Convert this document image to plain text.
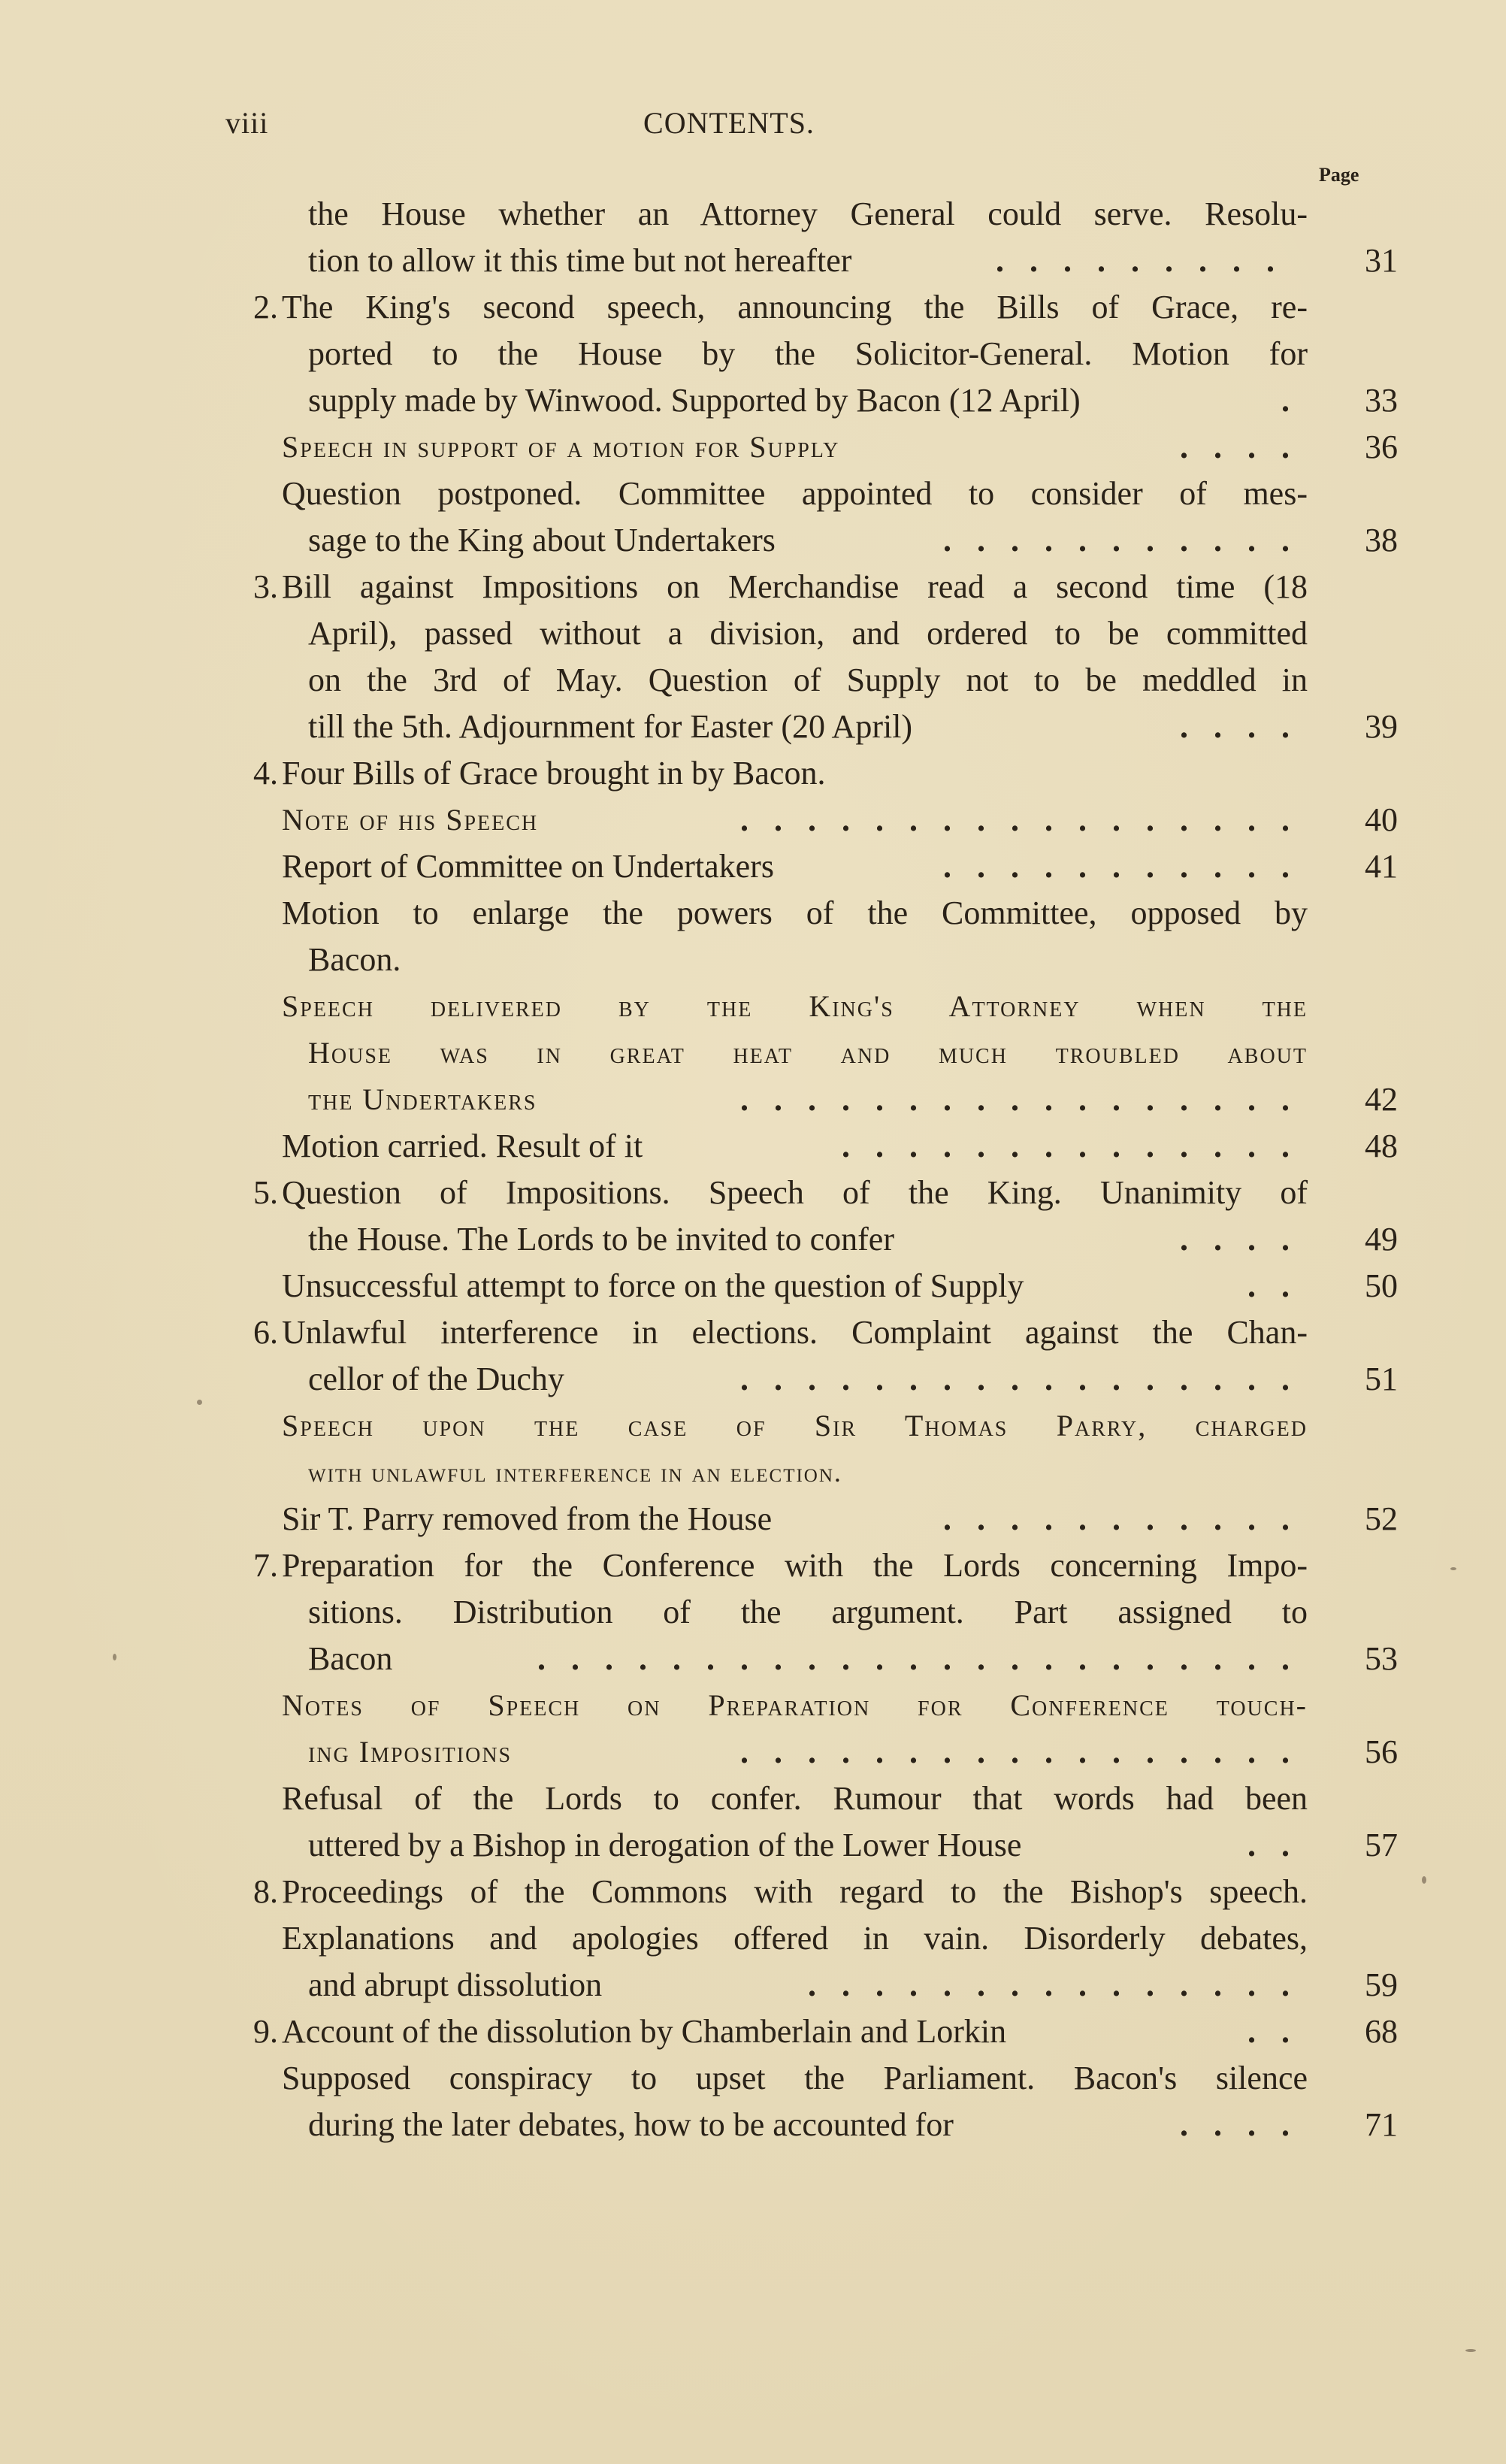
viii	CONTENTS.
Page
the House whether an Attorney General could serve. Resolu-
tion to allow it this time but not hereafter	.........	31
2. The King's second speech, announcing the Bills of Grace, re-
ported to the House by the Solicitor-General. Motion for
supply made by Winwood. Supported by Bacon (12 April)	.	33
Speech in support of a motion for Supply	....	36
Question postponed. Committee appointed to consider of mes-
sage to the King about Undertakers	...........	38
3. Bill against Impositions on Merchandise read a second time (18
April), passed without a division, and ordered to be committed
on the 3rd of May. Question of Supply not to be meddled in
till the 5th. Adjournment for Easter (20 April)	....	39
4. Four Bills of Grace brought in by Bacon.
Note of his Speech	.................	40
Report of Committee on Undertakers	...........	41
Motion to enlarge the powers of the Committee, opposed by
Bacon.
Speech delivered by the King's Attorney when the
House was in great heat and much troubled about
the Undertakers	.................	42
Motion carried. Result of it	..............	48
5. Question of Impositions. Speech of the King. Unanimity of
the House. The Lords to be invited to confer	....	49
Unsuccessful attempt to force on the question of Supply	..	50
6. Unlawful interference in elections. Complaint against the Chan-
cellor of the Duchy	.................	51
Speech upon the case of Sir Thomas Parry, charged
with unlawful interference in an election.
Sir T. Parry removed from the House	...........	52
7. Preparation for the Conference with the Lords concerning Impo-
sitions. Distribution of the argument. Part assigned to
Bacon	.......................	53
Notes of Speech on Preparation for Conference touch-
ing Impositions	.................	56
Refusal of the Lords to confer. Rumour that words had been
uttered by a Bishop in derogation of the Lower House	..	57
8. Proceedings of the Commons with regard to the Bishop's speech.
Explanations and apologies offered in vain. Disorderly debates,
and abrupt dissolution	...............	59
9. Account of the dissolution by Chamberlain and Lorkin	..	68
Supposed conspiracy to upset the Parliament. Bacon's silence
during the later debates, how to be accounted for	....	71
